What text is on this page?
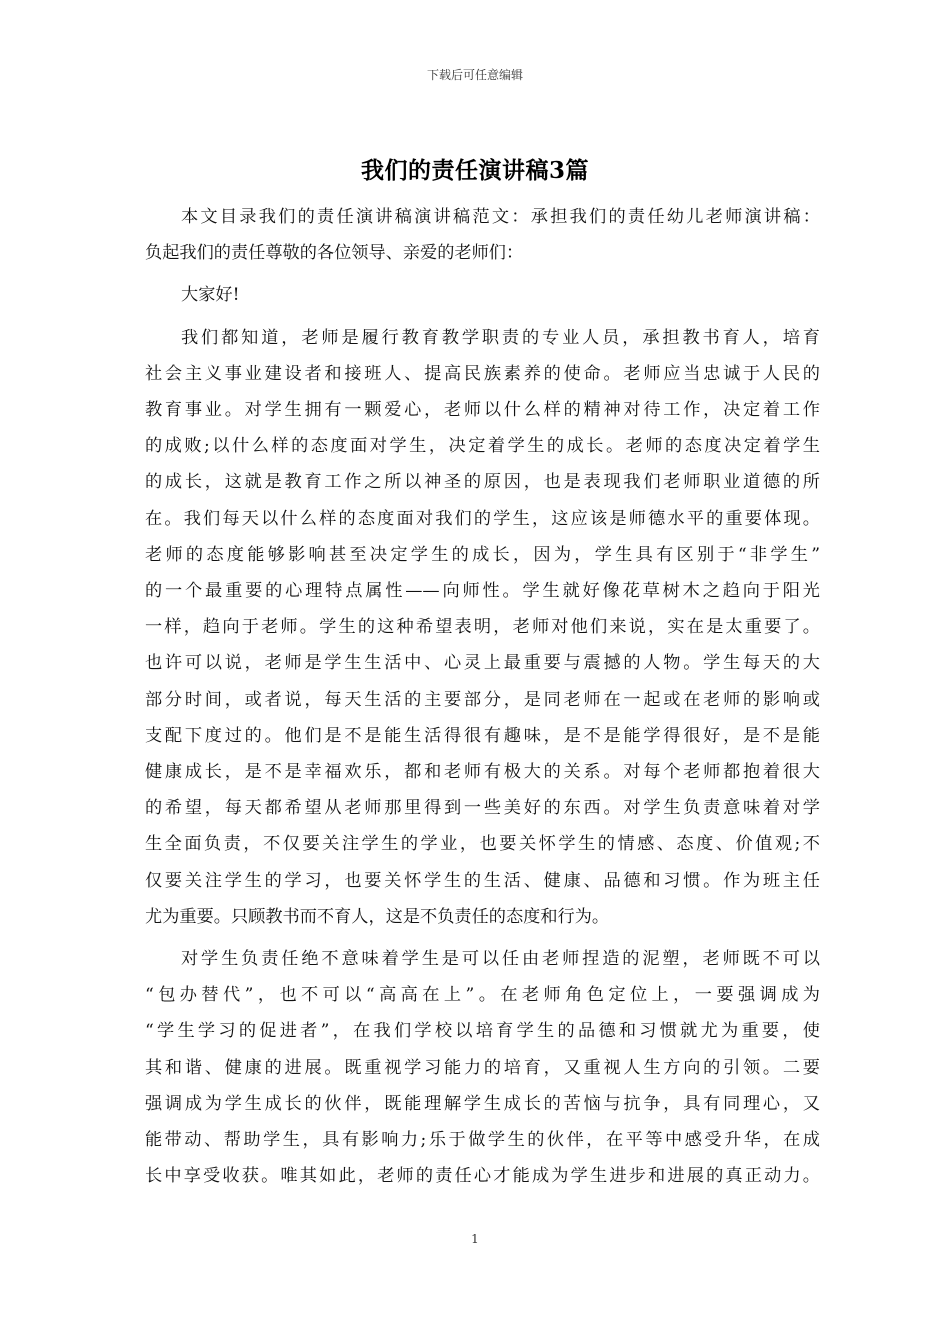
下载后可任意编辑
我们的责任演讲稿3篇

本文目录我们的责任演讲稿演讲稿范文：承担我们的责任幼儿老师演讲稿：
负起我们的责任尊敬的各位领导、亲爱的老师们：

大家好!

我们都知道，老师是履行教育教学职责的专业人员，承担教书育人，培育
社会主义事业建设者和接班人、提高民族素养的使命。老师应当忠诚于人民的
教育事业。对学生拥有一颗爱心，老师以什么样的精神对待工作，决定着工作
的成败;以什么样的态度面对学生，决定着学生的成长。老师的态度决定着学生
的成长，这就是教育工作之所以神圣的原因，也是表现我们老师职业道德的所
在。我们每天以什么样的态度面对我们的学生，这应该是师德水平的重要体现。
老师的态度能够影响甚至决定学生的成长，因为，学生具有区别于“非学生”
的一个最重要的心理特点属性——向师性。学生就好像花草树木之趋向于阳光
一样，趋向于老师。学生的这种希望表明，老师对他们来说，实在是太重要了。
也许可以说，老师是学生生活中、心灵上最重要与震撼的人物。学生每天的大
部分时间，或者说，每天生活的主要部分，是同老师在一起或在老师的影响或
支配下度过的。他们是不是能生活得很有趣味，是不是能学得很好，是不是能
健康成长，是不是幸福欢乐，都和老师有极大的关系。对每个老师都抱着很大
的希望，每天都希望从老师那里得到一些美好的东西。对学生负责意味着对学
生全面负责，不仅要关注学生的学业，也要关怀学生的情感、态度、价值观;不
仅要关注学生的学习，也要关怀学生的生活、健康、品德和习惯。作为班主任
尤为重要。只顾教书而不育人，这是不负责任的态度和行为。

对学生负责任绝不意味着学生是可以任由老师捏造的泥塑，老师既不可以
“包办替代”，也不可以“高高在上”。在老师角色定位上，一要强调成为
“学生学习的促进者”，在我们学校以培育学生的品德和习惯就尤为重要，使
其和谐、健康的进展。既重视学习能力的培育，又重视人生方向的引领。二要
强调成为学生成长的伙伴，既能理解学生成长的苦恼与抗争，具有同理心，又
能带动、帮助学生，具有影响力;乐于做学生的伙伴，在平等中感受升华，在成
长中享受收获。唯其如此，老师的责任心才能成为学生进步和进展的真正动力。

1
